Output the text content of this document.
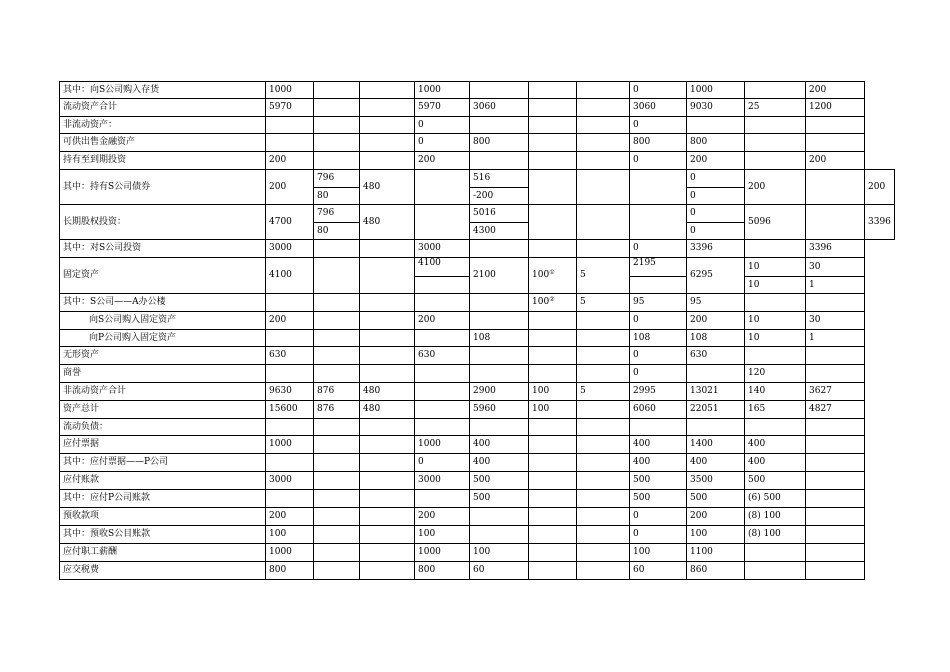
其中：向S公司购入存货	1000			1000				0	1000		200	
流动资产合计	5970			5970	3060			3060	9030	25	1200	
非流动资产：				0				0				
可供出售金融资产				0	800			800	800			
持有至到期投资	200			200				0	200		200	
其中：持有S公司债券	200	796	480		516				0	200		200
		80			-200				0			
长期股权投资：	4700	796	480		5016				0	5096		3396
		80			4300				0			
其中：对S公司投资	3000			3000				0	3396		3396	
固定资产	4100			4100	2100	100①	5	2195	6295	10	30	
										10	1	
其中：S公司——A办公楼						100②	5	95	95			
向S公司购入固定资产	200			200				0	200	10	30	
向P公司购入固定资产					108			108	108	10	1	
无形资产	630			630				0	630			
商誉								0		120		
非流动资产合计	9630	876	480		2900	100	5	2995	13021	140	3627	
资产总计	15600	876	480		5960	100		6060	22051	165	4827	
流动负债：												
应付票据	1000			1000	400			400	1400	400		
其中：应付票据——P公司				0	400			400	400	400		
应付账款	3000			3000	500			500	3500	500		
其中：应付P公司账款					500			500	500	(6) 500		
预收款项	200			200				0	200	(8) 100		
其中：预收S公目账款	100			100				0	100	(8) 100		
应付职工薪酬	1000			1000	100			100	1100			
应交税费	800			800	60			60	860			
